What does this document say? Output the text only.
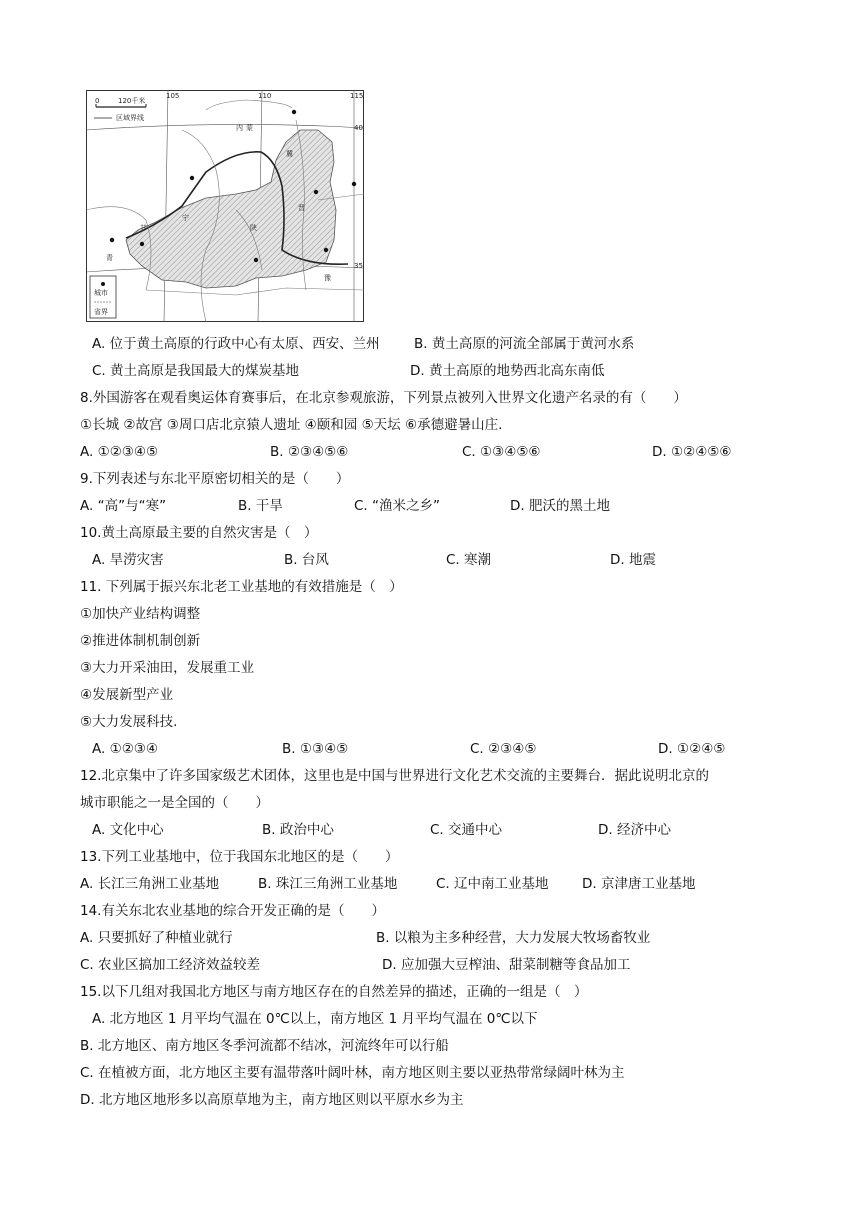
0	120千米
区域界线
105	110	115
40
35
内 蒙
冀
晋
陕
宁
甘
青
豫
城市
省界
A. 位于黄土高原的行政中心有太原、西安、兰州	B. 黄土高原的河流全部属于黄河水系
C. 黄土高原是我国最大的煤炭基地	D. 黄土高原的地势西北高东南低
8.外国游客在观看奥运体育赛事后，在北京参观旅游，下列景点被列入世界文化遗产名录的有（　　）
①长城 ②故宫 ③周口店北京猿人遗址 ④颐和园 ⑤天坛 ⑥承德避暑山庄.
A. ①②③④⑤	B. ②③④⑤⑥	C. ①③④⑤⑥	D. ①②④⑤⑥
9.下列表述与东北平原密切相关的是（　　）
A. “高”与“寒”	B. 干旱	C. “渔米之乡”	D. 肥沃的黑土地
10.黄土高原最主要的自然灾害是（　）
A. 旱涝灾害	B. 台风	C. 寒潮	D. 地震
11. 下列属于振兴东北老工业基地的有效措施是（　）
①加快产业结构调整
②推进体制机制创新
③大力开采油田，发展重工业
④发展新型产业
⑤大力发展科技.
A. ①②③④	B. ①③④⑤	C. ②③④⑤	D. ①②④⑤
12.北京集中了许多国家级艺术团体，这里也是中国与世界进行文化艺术交流的主要舞台．据此说明北京的
城市职能之一是全国的（　　）
A. 文化中心	B. 政治中心	C. 交通中心	D. 经济中心
13.下列工业基地中，位于我国东北地区的是（　　）
A. 长江三角洲工业基地	B. 珠江三角洲工业基地	C. 辽中南工业基地 D. 京津唐工业基地
14.有关东北农业基地的综合开发正确的是（　　）
A. 只要抓好了种植业就行	B. 以粮为主多种经营，大力发展大牧场畜牧业
C. 农业区搞加工经济效益较差	D. 应加强大豆榨油、甜菜制糖等食品加工
15.以下几组对我国北方地区与南方地区存在的自然差异的描述，正确的一组是（　）
A. 北方地区 1 月平均气温在 0℃以上，南方地区 1 月平均气温在 0℃以下
B. 北方地区、南方地区冬季河流都不结冰，河流终年可以行船
C. 在植被方面，北方地区主要有温带落叶阔叶林，南方地区则主要以亚热带常绿阔叶林为主
D. 北方地区地形多以高原草地为主，南方地区则以平原水乡为主
